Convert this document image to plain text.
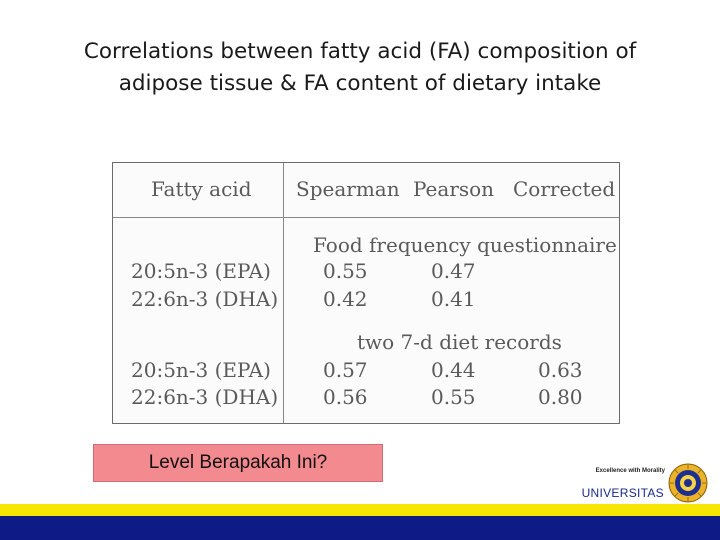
Correlations between fatty acid (FA) composition of
adipose tissue & FA content of dietary intake
Fatty acid Spearman Pearson Corrected
Food frequency questionnaire
20:5n-3 (EPA)	0.55	0.47
22:6n-3 (DHA) 0.42	0.41
two 7-d diet records
20:5n-3 (EPA)	0.57	0.44	0.63
22:6n-3 (DHA) 0.56	0.55	0.80
Level Berapakah Ini?	Excellence with Morality
UNIVERSITAS
